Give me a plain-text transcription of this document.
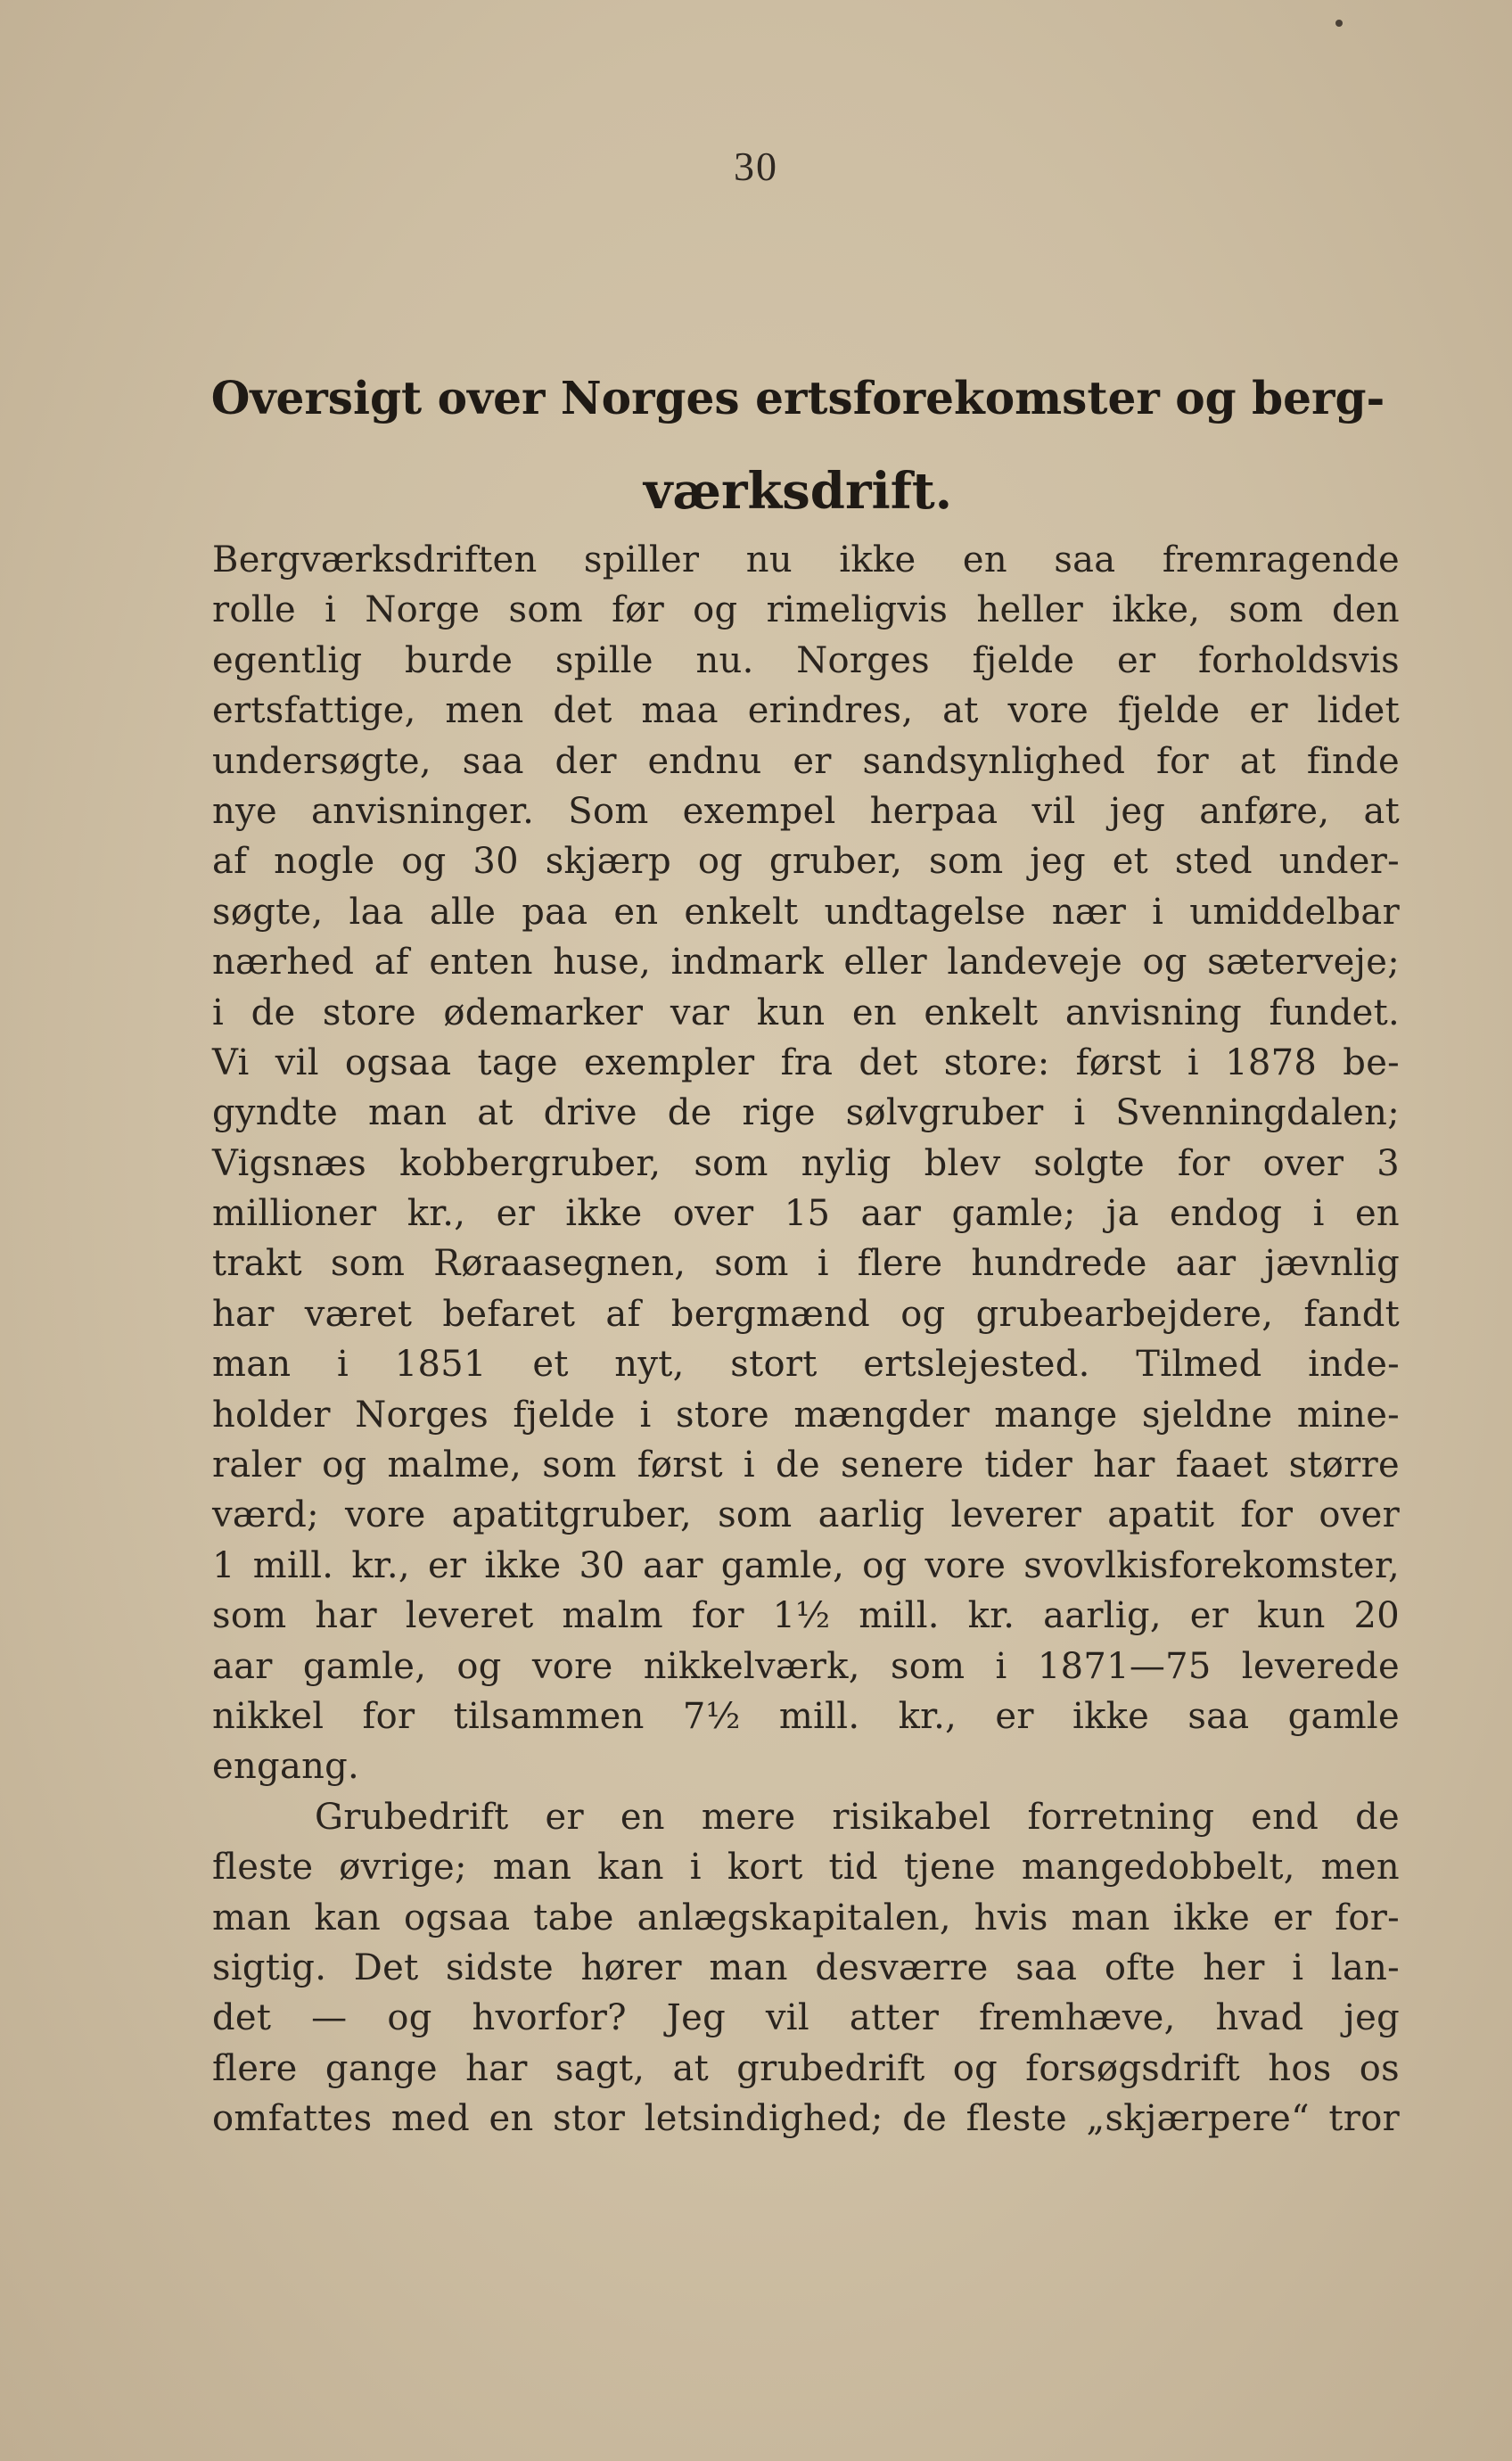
30
Oversigt over Norges ertsforekomster og berg-
værksdrift.
Bergværksdriften spiller nu ikke en saa fremragende
rolle i Norge som før og rimeligvis heller ikke, som den
egentlig burde spille nu. Norges fjelde er forholdsvis
ertsfattige, men det maa erindres, at vore fjelde er lidet
undersøgte, saa der endnu er sandsynlighed for at finde
nye anvisninger. Som exempel herpaa vil jeg anføre, at
af nogle og 30 skjærp og gruber, som jeg et sted under-
søgte, laa alle paa en enkelt undtagelse nær i umiddelbar
nærhed af enten huse, indmark eller landeveje og sæterveje;
i de store ødemarker var kun en enkelt anvisning fundet.
Vi vil ogsaa tage exempler fra det store: først i 1878 be-
gyndte man at drive de rige sølvgruber i Svenningdalen;
Vigsnæs kobbergruber, som nylig blev solgte for over 3
millioner kr., er ikke over 15 aar gamle; ja endog i en
trakt som Røraasegnen, som i flere hundrede aar jævnlig
har været befaret af bergmænd og grubearbejdere, fandt
man i 1851 et nyt, stort ertslejested. Tilmed inde-
holder Norges fjelde i store mængder mange sjeldne mine-
raler og malme, som først i de senere tider har faaet større
værd; vore apatitgruber, som aarlig leverer apatit for over
1 mill. kr., er ikke 30 aar gamle, og vore svovlkisforekomster,
som har leveret malm for 1½ mill. kr. aarlig, er kun 20
aar gamle, og vore nikkelværk, som i 1871—75 leverede
nikkel for tilsammen 7½ mill. kr., er ikke saa gamle
engang.
Grubedrift er en mere risikabel forretning end de
fleste øvrige; man kan i kort tid tjene mangedobbelt, men
man kan ogsaa tabe anlægskapitalen, hvis man ikke er for-
sigtig. Det sidste hører man desværre saa ofte her i lan-
det — og hvorfor? Jeg vil atter fremhæve, hvad jeg
flere gange har sagt, at grubedrift og forsøgsdrift hos os
omfattes med en stor letsindighed; de fleste „skjærpere“ tror
